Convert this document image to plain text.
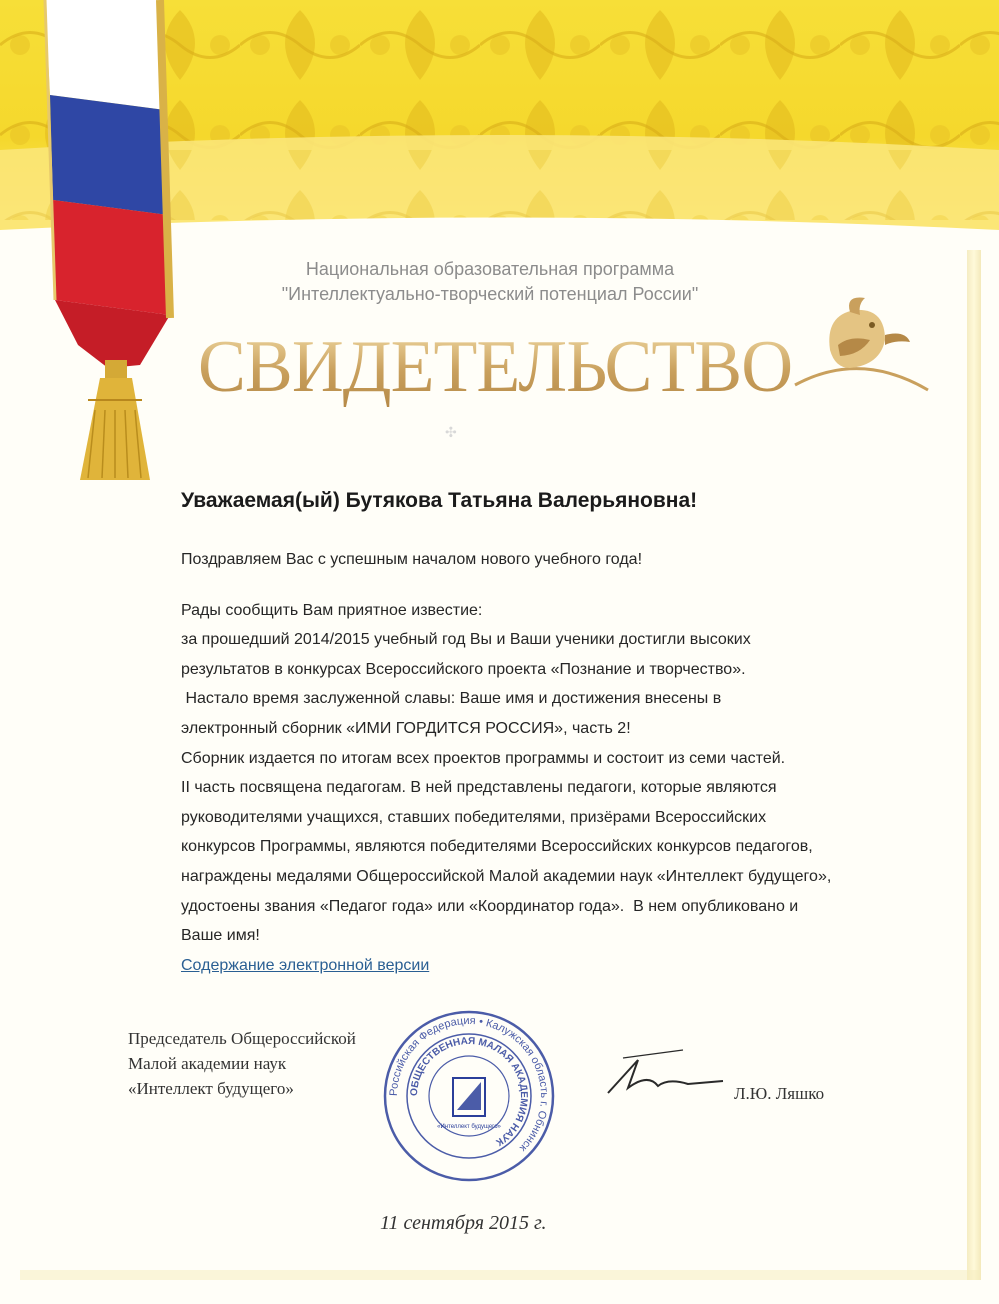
Национальная образовательная программа
"Интеллектуально-творческий потенциал России"
СВИДЕТЕЛЬСТВО
✣
Уважаемая(ый) Бутякова Татьяна Валерьяновна!
Поздравляем Вас с успешным началом нового учебного года!
Рады сообщить Вам приятное известие:
за прошедший 2014/2015 учебный год Вы и Ваши ученики достигли высоких
результатов в конкурсах Всероссийского проекта «Познание и творчество».
Настало время заслуженной славы: Ваше имя и достижения внесены в
электронный сборник «ИМИ ГОРДИТСЯ РОССИЯ», часть 2!
Сборник издается по итогам всех проектов программы и состоит из семи частей.
II часть посвящена педагогам. В ней представлены педагоги, которые являются
руководителями учащихся, ставших победителями, призёрами Всероссийских
конкурсов Программы, являются победителями Всероссийских конкурсов педагогов,
награждены медалями Общероссийской Малой академии наук «Интеллект будущего»,
удостоены звания «Педагог года» или «Координатор года».  В нем опубликовано и
Ваше имя!
Содержание электронной версии
Председатель Общероссийской
Малой академии наук
«Интеллект будущего»	Российская Федерация • Калужская область г. Обнинск
ОБЩЕСТВЕННАЯ МАЛАЯ АКАДЕМИЯ НАУК
«Интеллект будущего»
Л.Ю. Ляшко
11 сентября 2015 г.
